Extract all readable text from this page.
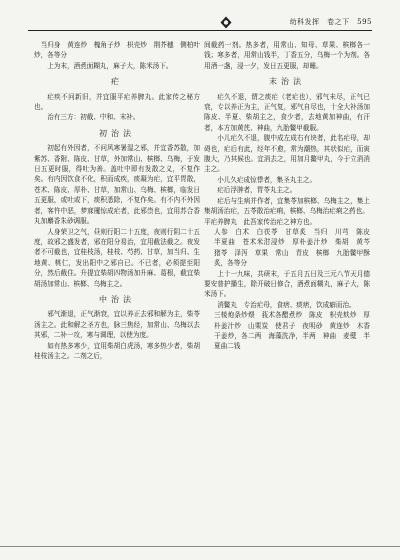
幼科发挥　卷之下　595

　当归身　黄连炒　槐角子炒　枳壳炒　荆芥穗　侧柏叶炒，各等分

上为末，酒煮面糊丸，麻子大，陈米汤下。

疟

疟疾不问新旧，并宜服平疟养脾丸。此家传之秘方也。

治有三方：初截、中和、末补。

初治法

初起有外因者，不问风寒暑湿之邪，并宜香苏散，加紫苏、香附、陈皮、甘草，外加常山、槟榔、乌梅，于发日五更时服，得吐为善。盖吐中即有发散之义，不复作矣。有内因饮食不化，积而成疾，痰凝为疟，宜平胃散，苍术、陈皮、厚朴、甘草，加常山、乌梅、槟榔，临发日五更服，或吐或下，痰积悉除，不复作矣。有不内不外因者，客忤中恶，梦寐魇惊成疟者，此邪祟也，宜用苏合香丸加麝香朱砂调服。

人身荣卫之气，昼则行阳二十五度，夜则行阴二十五度，故邪之盛发者，邪在阳分易治，宜用截法截之。夜发者不可截也，宜桂枝汤，桂枝、芍药、甘草，加当归、生地黄、桃仁，发出阳中之邪自已。不已者，必须提至阳分，然后截住。升提宜柴胡四物汤加升麻、葛根，截宜柴胡汤加常山、槟榔、乌梅主之。

中治法

邪气渐退，正气渐衰，宜以养正去邪和解为主，柴苓汤主之。此和解之圣方也，脉三焦经，加常山、乌梅以去其邪，二补一攻，寒与调理，以使为度。

如有热多寒少，宜用柴胡白虎汤，寒多热少者，柴胡桂枝汤主之。二剂之后，

间截药一剂。热多者，用常山、知母、草果、槟榔各一钱；寒多者，用常山钱半，丁香五分，乌梅一个为剂。各用酒一盏，浸一夕，发日五更服，却睡。

末治法

疟久不退，谓之痰疟（老疟也），邪气未尽，正气已衰，专以养正为主，正气复，邪气自尽也，十全大补汤加陈皮、半夏、柴胡主之，食少者，去地黄加神曲，有汗者，本方加黄芪、神曲，九胎鳖甲截服。

小儿疟久不退，腹中成左成右有块者，此名疟母，却碍也，疟后有此，经年不愈，常为潮热，其状似疟，而寅腹大，乃其候也。宜消去之，用加月鳖甲丸，今于立消消主之。

小儿久疟成惊悸者，集圣丸主之。

疟后浮肿者，胃苓丸主之。

疟后与生病并作者，宜集苓加槟榔、乌梅主之，集上集胡汤治疟，五苓散治疟痢，槟榔、乌梅治疟痢之药也。

平疟养脾丸　此吾家传治疟之神方也。

人参　白术　白茯苓　甘草炙　当归　川芎　陈皮　半夏曲　苍术米泔浸炒　厚朴姜汁炒　柴胡　黄芩　猪苓　泽泻　草果　常山　青皮　槟榔　九胎鳖甲酥炙，各等分

上十一九味，共研末，于五月五日及三元八节天月德要安普护播生，除开破日修合，酒煮面糊丸，麻子大，陈米汤下。

消鳖丸　专治疟母，食痞、痰痞，饮成癖而治。

三棱炮条炒煨　莪术各醋煮炒　陈皮　枳壳麸炒　厚朴姜汁炒　山栗炭　使君子　夜明砂　黄连炒　木香　干姜炒，各二两　海藻洗净，半两　神曲　麦糵　半夏曲二钱
